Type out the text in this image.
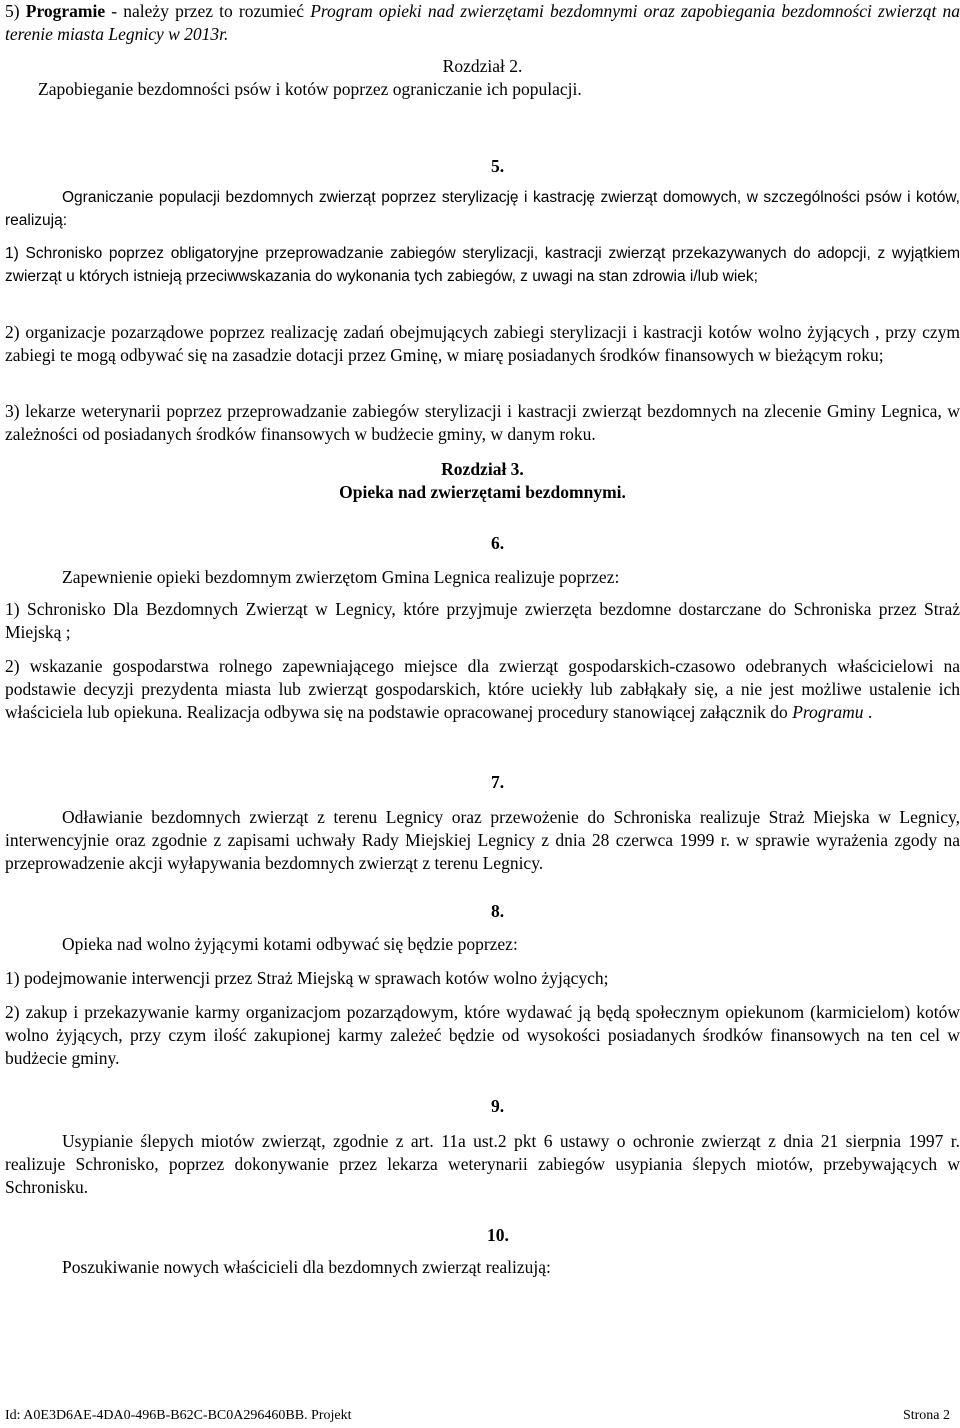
5) Programie - należy przez to rozumieć Program opieki nad zwierzętami bezdomnymi oraz zapobiegania bezdomności zwierząt na terenie miasta Legnicy w 2013r.
Rozdział 2.
Zapobieganie bezdomności psów i kotów poprzez ograniczanie ich populacji.
5.
Ograniczanie populacji bezdomnych zwierząt poprzez sterylizację i kastrację zwierząt domowych, w szczególności psów i kotów, realizują:
1) Schronisko poprzez obligatoryjne przeprowadzanie zabiegów sterylizacji, kastracji zwierząt przekazywanych do adopcji, z wyjątkiem zwierząt u których istnieją przeciwwskazania do wykonania tych zabiegów, z uwagi na stan zdrowia i/lub wiek;
2) organizacje pozarządowe poprzez realizację zadań obejmujących zabiegi sterylizacji i kastracji kotów wolno żyjących , przy czym zabiegi te mogą odbywać się na zasadzie dotacji przez Gminę, w miarę posiadanych środków finansowych w bieżącym roku;
3) lekarze weterynarii poprzez przeprowadzanie zabiegów sterylizacji i kastracji zwierząt bezdomnych na zlecenie Gminy Legnica, w zależności od posiadanych środków finansowych w budżecie gminy, w danym roku.
Rozdział 3.
Opieka nad zwierzętami bezdomnymi.
6.
Zapewnienie opieki bezdomnym zwierzętom Gmina Legnica realizuje poprzez:
1) Schronisko Dla Bezdomnych Zwierząt w Legnicy, które przyjmuje zwierzęta bezdomne dostarczane do Schroniska przez Straż Miejską ;
2) wskazanie gospodarstwa rolnego zapewniającego miejsce dla zwierząt gospodarskich-czasowo odebranych właścicielowi na podstawie decyzji prezydenta miasta lub zwierząt gospodarskich, które uciekły lub zabłąkały się, a nie jest możliwe ustalenie ich właściciela lub opiekuna. Realizacja odbywa się na podstawie opracowanej procedury stanowiącej załącznik do Programu .
7.
Odławianie bezdomnych zwierząt z terenu Legnicy oraz przewożenie do Schroniska realizuje Straż Miejska w Legnicy, interwencyjnie oraz zgodnie z zapisami uchwały Rady Miejskiej Legnicy z dnia 28 czerwca 1999 r. w sprawie wyrażenia zgody na przeprowadzenie akcji wyłapywania bezdomnych zwierząt z terenu Legnicy.
8.
Opieka nad wolno żyjącymi kotami odbywać się będzie poprzez:
1) podejmowanie interwencji przez Straż Miejską w sprawach kotów wolno żyjących;
2) zakup i przekazywanie karmy organizacjom pozarządowym, które wydawać ją będą społecznym opiekunom (karmicielom) kotów wolno żyjących, przy czym ilość zakupionej karmy zależeć będzie od wysokości posiadanych środków finansowych na ten cel w budżecie gminy.
9.
Usypianie ślepych miotów zwierząt, zgodnie z art. 11a ust.2 pkt 6 ustawy o ochronie zwierząt z dnia 21 sierpnia 1997 r. realizuje Schronisko, poprzez dokonywanie przez lekarza weterynarii zabiegów usypiania ślepych miotów, przebywających w Schronisku.
10.
Poszukiwanie nowych właścicieli dla bezdomnych zwierząt realizują:
Id: A0E3D6AE-4DA0-496B-B62C-BC0A296460BB. Projekt	Strona 2
